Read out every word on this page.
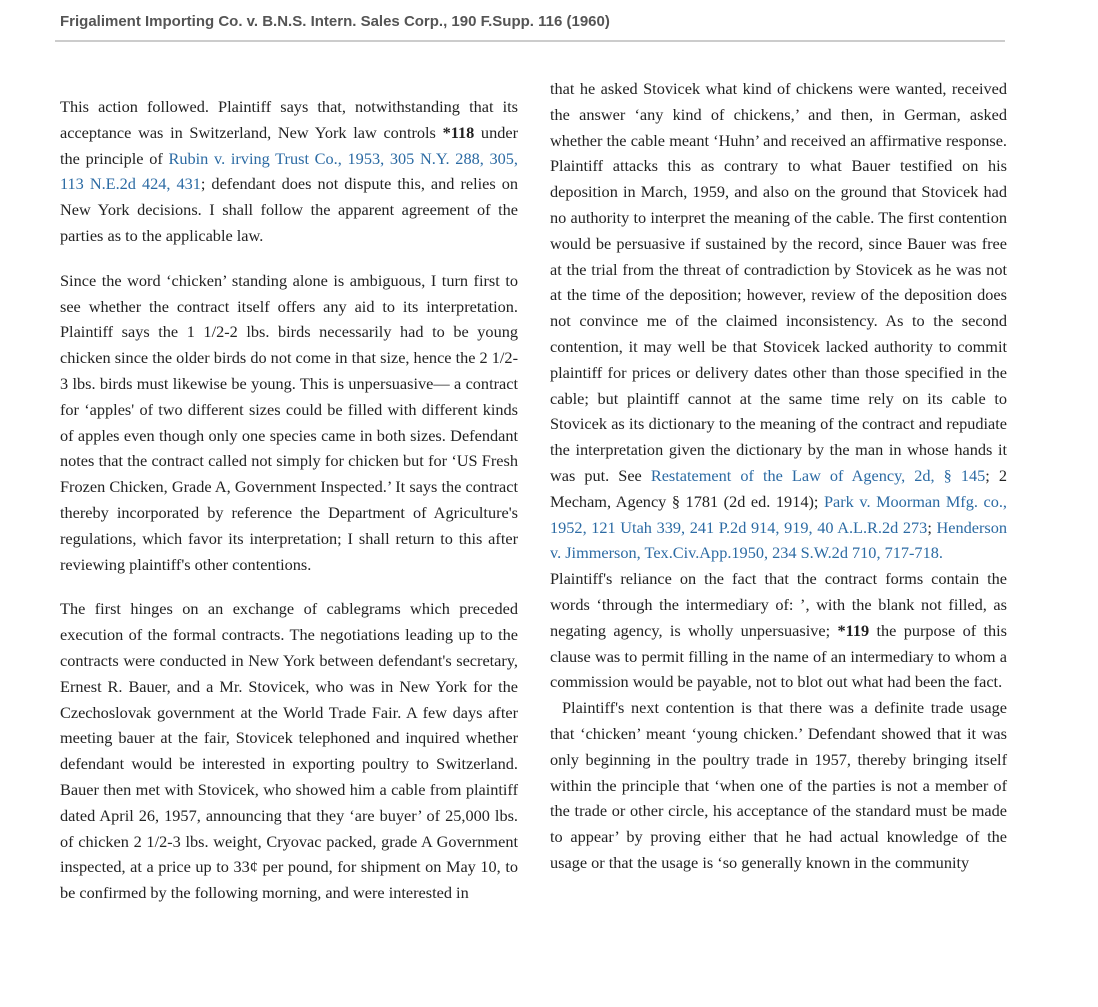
Frigaliment Importing Co. v. B.N.S. Intern. Sales Corp., 190 F.Supp. 116 (1960)

This action followed. Plaintiff says that, notwithstanding that its acceptance was in Switzerland, New York law controls *118 under the principle of Rubin v. irving Trust Co., 1953, 305 N.Y. 288, 305, 113 N.E.2d 424, 431; defendant does not dispute this, and relies on New York decisions. I shall follow the apparent agreement of the parties as to the applicable law.

Since the word ‘chicken’ standing alone is ambiguous, I turn first to see whether the contract itself offers any aid to its interpretation. Plaintiff says the 1 1/2-2 lbs. birds necessarily had to be young chicken since the older birds do not come in that size, hence the 2 1/2-3 lbs. birds must likewise be young. This is unpersuasive— a contract for ‘apples' of two different sizes could be filled with different kinds of apples even though only one species came in both sizes. Defendant notes that the contract called not simply for chicken but for ‘US Fresh Frozen Chicken, Grade A, Government Inspected.’ It says the contract thereby incorporated by reference the Department of Agriculture's regulations, which favor its interpretation; I shall return to this after reviewing plaintiff's other contentions.

The first hinges on an exchange of cablegrams which preceded execution of the formal contracts. The negotiations leading up to the contracts were conducted in New York between defendant's secretary, Ernest R. Bauer, and a Mr. Stovicek, who was in New York for the Czechoslovak government at the World Trade Fair. A few days after meeting bauer at the fair, Stovicek telephoned and inquired whether defendant would be interested in exporting poultry to Switzerland. Bauer then met with Stovicek, who showed him a cable from plaintiff dated April 26, 1957, announcing that they ‘are buyer’ of 25,000 lbs. of chicken 2 1/2-3 lbs. weight, Cryovac packed, grade A Government inspected, at a price up to 33¢ per pound, for shipment on May 10, to be confirmed by the following morning, and were interested in

that he asked Stovicek what kind of chickens were wanted, received the answer ‘any kind of chickens,’ and then, in German, asked whether the cable meant ‘Huhn’ and received an affirmative response. Plaintiff attacks this as contrary to what Bauer testified on his deposition in March, 1959, and also on the ground that Stovicek had no authority to interpret the meaning of the cable. The first contention would be persuasive if sustained by the record, since Bauer was free at the trial from the threat of contradiction by Stovicek as he was not at the time of the deposition; however, review of the deposition does not convince me of the claimed inconsistency. As to the second contention, it may well be that Stovicek lacked authority to commit plaintiff for prices or delivery dates other than those specified in the cable; but plaintiff cannot at the same time rely on its cable to Stovicek as its dictionary to the meaning of the contract and repudiate the interpretation given the dictionary by the man in whose hands it was put. See Restatement of the Law of Agency, 2d, § 145; 2 Mecham, Agency § 1781 (2d ed. 1914); Park v. Moorman Mfg. co., 1952, 121 Utah 339, 241 P.2d 914, 919, 40 A.L.R.2d 273; Henderson v. Jimmerson, Tex.Civ.App.1950, 234 S.W.2d 710, 717-718.

Plaintiff's reliance on the fact that the contract forms contain the words ‘through the intermediary of: ’, with the blank not filled, as negating agency, is wholly unpersuasive; *119 the purpose of this clause was to permit filling in the name of an intermediary to whom a commission would be payable, not to blot out what had been the fact.

Plaintiff's next contention is that there was a definite trade usage that ‘chicken’ meant ‘young chicken.’ Defendant showed that it was only beginning in the poultry trade in 1957, thereby bringing itself within the principle that ‘when one of the parties is not a member of the trade or other circle, his acceptance of the standard must be made to appear’ by proving either that he had actual knowledge of the usage or that the usage is ‘so generally known in the community
